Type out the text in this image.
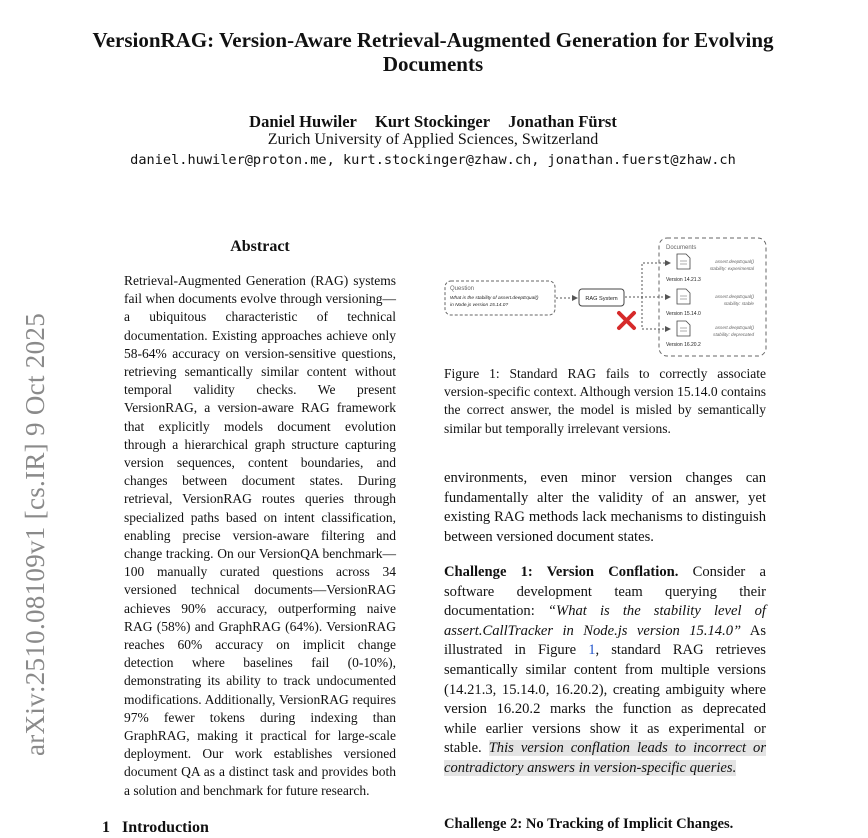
arXiv:2510.08109v1 [cs.IR] 9 Oct 2025
VersionRAG: Version-Aware Retrieval-Augmented Generation for Evolving Documents
Daniel Huwiler Kurt Stockinger Jonathan Fürst
Zurich University of Applied Sciences, Switzerland
daniel.huwiler@proton.me, kurt.stockinger@zhaw.ch, jonathan.fuerst@zhaw.ch
Abstract
Retrieval-Augmented Generation (RAG) systems fail when documents evolve through versioning—a ubiquitous characteristic of technical documentation. Existing approaches achieve only 58-64% accuracy on version-sensitive questions, retrieving semantically similar content without temporal validity checks. We present VersionRAG, a version-aware RAG framework that explicitly models document evolution through a hierarchical graph structure capturing version sequences, content boundaries, and changes between document states. During retrieval, VersionRAG routes queries through specialized paths based on intent classification, enabling precise version-aware filtering and change tracking. On our VersionQA benchmark—100 manually curated questions across 34 versioned technical documents—VersionRAG achieves 90% accuracy, outperforming naive RAG (58%) and GraphRAG (64%). VersionRAG reaches 60% accuracy on implicit change detection where baselines fail (0-10%), demonstrating its ability to track undocumented modifications. Additionally, VersionRAG requires 97% fewer tokens during indexing than GraphRAG, making it practical for large-scale deployment. Our work establishes versioned document QA as a distinct task and provides both a solution and benchmark for future research.
1 Introduction
Question
What is the stability of assert.deepEqual()
in Node.js version 15.14.0?
RAG System
Documents
assert.deepEqual()
stability: experimental
Version 14.21.3
assert.deepEqual()
stability: stable
Version 15.14.0
assert.deepEqual()
stability: deprecated
Version 16.20.2
Figure 1: Standard RAG fails to correctly associate version-specific context. Although version 15.14.0 contains the correct answer, the model is misled by semantically similar but temporally irrelevant versions.
environments, even minor version changes can fundamentally alter the validity of an answer, yet existing RAG methods lack mechanisms to distinguish between versioned document states.
Challenge 1: Version Conflation. Consider a software development team querying their documentation: “What is the stability level of assert.CallTracker in Node.js version 15.14.0” As illustrated in Figure 1, standard RAG retrieves semantically similar content from multiple versions (14.21.3, 15.14.0, 16.20.2), creating ambiguity where version 16.20.2 marks the function as deprecated while earlier versions show it as experimental or stable. This version conflation leads to incorrect or contradictory answers in version-specific queries.
Challenge 2: No Tracking of Implicit Changes.
